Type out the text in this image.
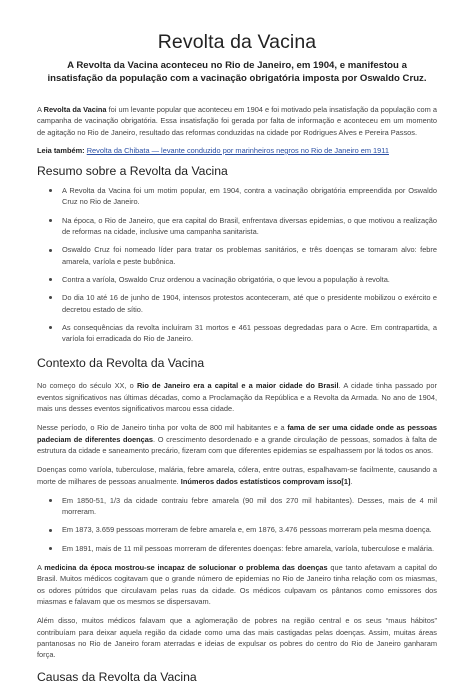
Revolta da Vacina
A Revolta da Vacina aconteceu no Rio de Janeiro, em 1904, e manifestou a insatisfação da população com a vacinação obrigatória imposta por Oswaldo Cruz.

A Revolta da Vacina foi um levante popular que aconteceu em 1904 e foi motivado pela insatisfação da população com a campanha de vacinação obrigatória. Essa insatisfação foi gerada por falta de informação e aconteceu em um momento de agitação no Rio de Janeiro, resultado das reformas conduzidas na cidade por Rodrigues Alves e Pereira Passos.

Leia também: Revolta da Chibata — levante conduzido por marinheiros negros no Rio de Janeiro em 1911

Resumo sobre a Revolta da Vacina
A Revolta da Vacina foi um motim popular, em 1904, contra a vacinação obrigatória empreendida por Oswaldo Cruz no Rio de Janeiro.
Na época, o Rio de Janeiro, que era capital do Brasil, enfrentava diversas epidemias, o que motivou a realização de reformas na cidade, inclusive uma campanha sanitarista.
Oswaldo Cruz foi nomeado líder para tratar os problemas sanitários, e três doenças se tornaram alvo: febre amarela, varíola e peste bubônica.
Contra a varíola, Oswaldo Cruz ordenou a vacinação obrigatória, o que levou a população à revolta.
Do dia 10 até 16 de junho de 1904, intensos protestos aconteceram, até que o presidente mobilizou o exército e decretou estado de sítio.
As consequências da revolta incluíram 31 mortos e 461 pessoas degredadas para o Acre. Em contrapartida, a varíola foi erradicada do Rio de Janeiro.
Contexto da Revolta da Vacina

No começo do século XX, o Rio de Janeiro era a capital e a maior cidade do Brasil. A cidade tinha passado por eventos significativos nas últimas décadas, como a Proclamação da República e a Revolta da Armada. No ano de 1904, mais uns desses eventos significativos marcou essa cidade.

Nesse período, o Rio de Janeiro tinha por volta de 800 mil habitantes e a fama de ser uma cidade onde as pessoas padeciam de diferentes doenças. O crescimento desordenado e a grande circulação de pessoas, somados à falta de estrutura da cidade e saneamento precário, fizeram com que diferentes epidemias se espalhassem por lá todos os anos.

Doenças como varíola, tuberculose, malária, febre amarela, cólera, entre outras, espalhavam-se facilmente, causando a morte de milhares de pessoas anualmente. Inúmeros dados estatísticos comprovam isso[1].

Em 1850-51, 1/3 da cidade contraiu febre amarela (90 mil dos 270 mil habitantes). Desses, mais de 4 mil morreram.
Em 1873, 3.659 pessoas morreram de febre amarela e, em 1876, 3.476 pessoas morreram pela mesma doença.
Em 1891, mais de 11 mil pessoas morreram de diferentes doenças: febre amarela, varíola, tuberculose e malária.

A medicina da época mostrou-se incapaz de solucionar o problema das doenças que tanto afetavam a capital do Brasil. Muitos médicos cogitavam que o grande número de epidemias no Rio de Janeiro tinha relação com os miasmas, os odores pútridos que circulavam pelas ruas da cidade. Os médicos culpavam os pântanos como emissores dos miasmas e falavam que os mesmos se dispersavam.

Além disso, muitos médicos falavam que a aglomeração de pobres na região central e os seus “maus hábitos” contribuíam para deixar aquela região da cidade como uma das mais castigadas pelas doenças. Assim, muitas áreas pantanosas no Rio de Janeiro foram aterradas e ideias de expulsar os pobres do centro do Rio de Janeiro ganharam força.

Causas da Revolta da Vacina
